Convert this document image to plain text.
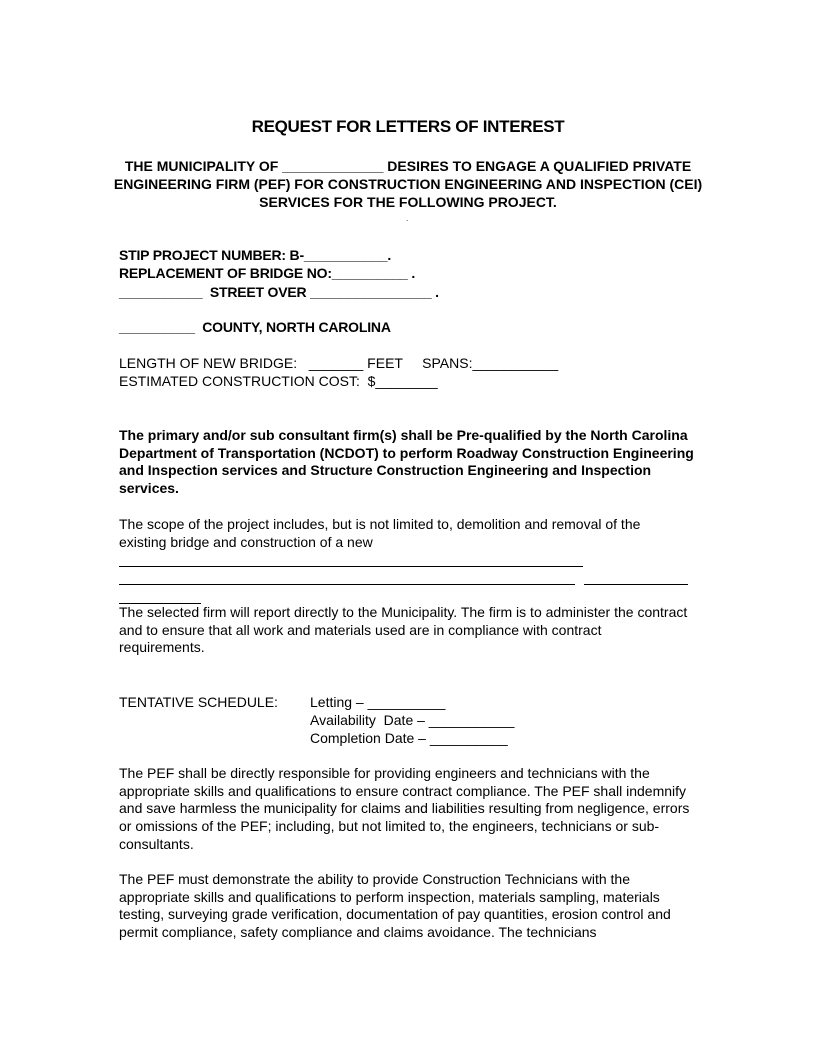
REQUEST FOR LETTERS OF INTEREST
THE MUNICIPALITY OF _____________ DESIRES TO ENGAGE A QUALIFIED PRIVATE ENGINEERING FIRM (PEF) FOR CONSTRUCTION ENGINEERING AND INSPECTION (CEI) SERVICES FOR THE FOLLOWING PROJECT.
.
STIP PROJECT NUMBER: B-___________.
REPLACEMENT OF BRIDGE NO:__________ .
___________  STREET OVER ________________ .
__________  COUNTY, NORTH CAROLINA
LENGTH OF NEW BRIDGE:   _______ FEET     SPANS:___________
ESTIMATED CONSTRUCTION COST:  $________
The primary and/or sub consultant firm(s) shall be Pre-qualified by the North Carolina Department of Transportation (NCDOT) to perform Roadway Construction Engineering and Inspection services and Structure Construction Engineering and Inspection services.
The scope of the project includes, but is not limited to, demolition and removal of the existing bridge and construction of a new
The selected firm will report directly to the Municipality. The firm is to administer the contract and to ensure that all work and materials used are in compliance with contract requirements.
TENTATIVE SCHEDULE: Letting – __________
Availability  Date – ___________
Completion Date – __________
The PEF shall be directly responsible for providing engineers and technicians with the appropriate skills and qualifications to ensure contract compliance. The PEF shall indemnify and save harmless the municipality for claims and liabilities resulting from negligence, errors or omissions of the PEF; including, but not limited to, the engineers, technicians or sub-consultants.
The PEF must demonstrate the ability to provide Construction Technicians with the appropriate skills and qualifications to perform inspection, materials sampling, materials testing, surveying grade verification, documentation of pay quantities, erosion control and permit compliance, safety compliance and claims avoidance. The technicians
